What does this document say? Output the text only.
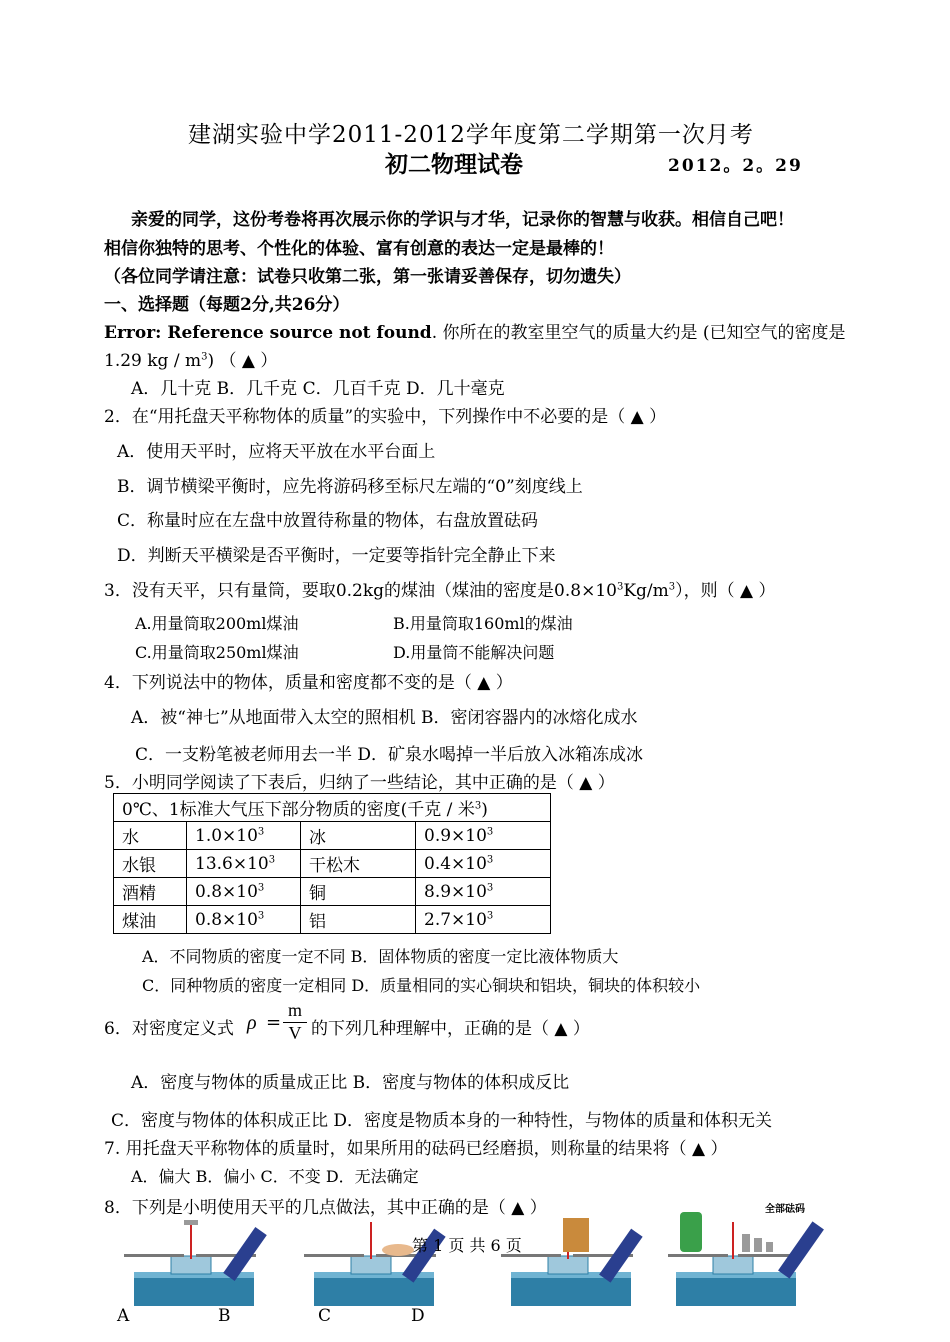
建湖实验中学2011-2012学年度第二学期第一次月考
初二物理试卷	2012。2。29
亲爱的同学，这份考卷将再次展示你的学识与才华，记录你的智慧与收获。相信自己吧！
相信你独特的思考、个性化的体验、富有创意的表达一定是最棒的！
（各位同学请注意：试卷只收第二张，第一张请妥善保存，切勿遗失）
一、选择题（每题2分,共26分）
Error: Reference source not found. 你所在的教室里空气的质量大约是 (已知空气的密度是
1.29 kg / $m^3$) （ ▲ ）
A．几十克 B．几千克 C．几百千克 D．几十毫克
2．在“用托盘天平称物体的质量”的实验中，下列操作中不必要的是（ ▲ ）
A．使用天平时，应将天平放在水平台面上
B．调节横梁平衡时，应先将游码移至标尺左端的“0”刻度线上
C．称量时应在左盘中放置待称量的物体，右盘放置砝码
D．判断天平横梁是否平衡时，一定要等指针完全静止下来
3．没有天平，只有量筒，要取0.2kg的煤油（煤油的密度是$0.8\times 10^3Kg/m^3$），则（ ▲ ）
A.用量筒取200ml煤油	B.用量筒取160ml的煤油
C.用量筒取250ml煤油	D.用量筒不能解决问题
4．下列说法中的物体，质量和密度都不变的是（ ▲ ）
A．被“神七”从地面带入太空的照相机 B．密闭容器内的冰熔化成水
C．一支粉笔被老师用去一半 D．矿泉水喝掉一半后放入冰箱冻成冰
5．小明同学阅读了下表后，归纳了一些结论，其中正确的是（ ▲ ）
0℃、1标准大气压下部分物质的密度(千克 / 米$^3$)			
水	$1.0\times 10^3$	冰	$0.9\times 10^3$
水银	$13.6\times 10^3$	干松木	$0.4\times 10^3$
酒精	$0.8\times 10^3$	铜	$8.9\times 10^3$
煤油	$0.8\times 10^3$	铝	$2.7\times 10^3$
A．不同物质的密度一定不同 B．固体物质的密度一定比液体物质大
C．同种物质的密度一定相同 D．质量相同的实心铜块和铝块，铜块的体积较小
6．对密度定义式 ρ =
m
V 的下列几种理解中，正确的是（ ▲ ）
A．密度与物体的质量成正比 B．密度与物体的体积成反比
C．密度与物体的体积成正比 D．密度是物质本身的一种特性，与物体的质量和体积无关
7. 用托盘天平称物体的质量时，如果所用的砝码已经磨损，则称量的结果将（ ▲ ）
A．偏大 B．偏小 C．不变 D．无法确定
8．下列是小明使用天平的几点做法，其中正确的是（ ▲ ）	全部砝码
A	B	C	D
第 1 页 共 6 页
